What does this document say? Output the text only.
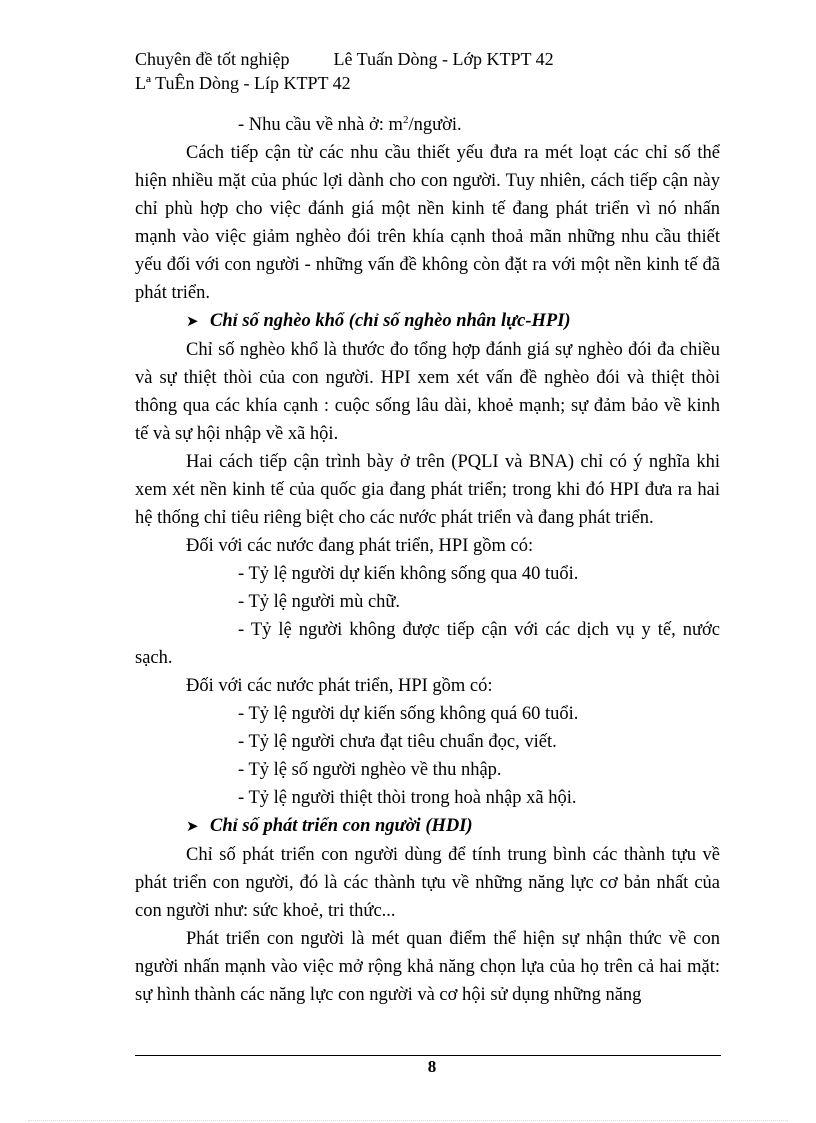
Chuyên đề tốt nghiệp Lê Tuấn Dòng - Lớp KTPT 42
Lª TuÊn Dòng - Líp KTPT 42

- Nhu cầu về nhà ở: $m^2$/người.

Cách tiếp cận từ các nhu cầu thiết yếu đưa ra mét loạt các chỉ số thể hiện nhiều mặt của phúc lợi dành cho con người. Tuy nhiên, cách tiếp cận này chỉ phù hợp cho việc đánh giá một nền kinh tế đang phát triển vì nó nhấn mạnh vào việc giảm nghèo đói trên khía cạnh thoả mãn những nhu cầu thiết yếu đối với con người - những vấn đề không còn đặt ra với một nền kinh tế đã phát triển.

➤ Chỉ số nghèo khổ (chỉ số nghèo nhân lực-HPI)

Chỉ số nghèo khổ là thước đo tổng hợp đánh giá sự nghèo đói đa chiều và sự thiệt thòi của con người. HPI xem xét vấn đề nghèo đói và thiệt thòi thông qua các khía cạnh : cuộc sống lâu dài, khoẻ mạnh; sự đảm bảo về kinh tế và sự hội nhập về xã hội.

Hai cách tiếp cận trình bày ở trên (PQLI và BNA) chỉ có ý nghĩa khi xem xét nền kinh tế của quốc gia đang phát triển; trong khi đó HPI đưa ra hai hệ thống chỉ tiêu riêng biệt cho các nước phát triển và đang phát triển.

Đối với các nước đang phát triển, HPI gồm có:

- Tỷ lệ người dự kiến không sống qua 40 tuổi.

- Tỷ lệ người mù chữ.

- Tỷ lệ người không được tiếp cận với các dịch vụ y tế, nước sạch.

Đối với các nước phát triển, HPI gồm có:

- Tỷ lệ người dự kiến sống không quá 60 tuổi.

- Tỷ lệ người chưa đạt tiêu chuẩn đọc, viết.

- Tỷ lệ số người nghèo về thu nhập.

- Tỷ lệ người thiệt thòi trong hoà nhập xã hội.

➤ Chỉ số phát triển con người (HDI)

Chỉ số phát triển con người dùng để tính trung bình các thành tựu về phát triển con người, đó là các thành tựu về những năng lực cơ bản nhất của con người như: sức khoẻ, tri thức...

Phát triển con người là mét quan điểm thể hiện sự nhận thức về con người nhấn mạnh vào việc mở rộng khả năng chọn lựa của họ trên cả hai mặt: sự hình thành các năng lực con người và cơ hội sử dụng những năng

8
